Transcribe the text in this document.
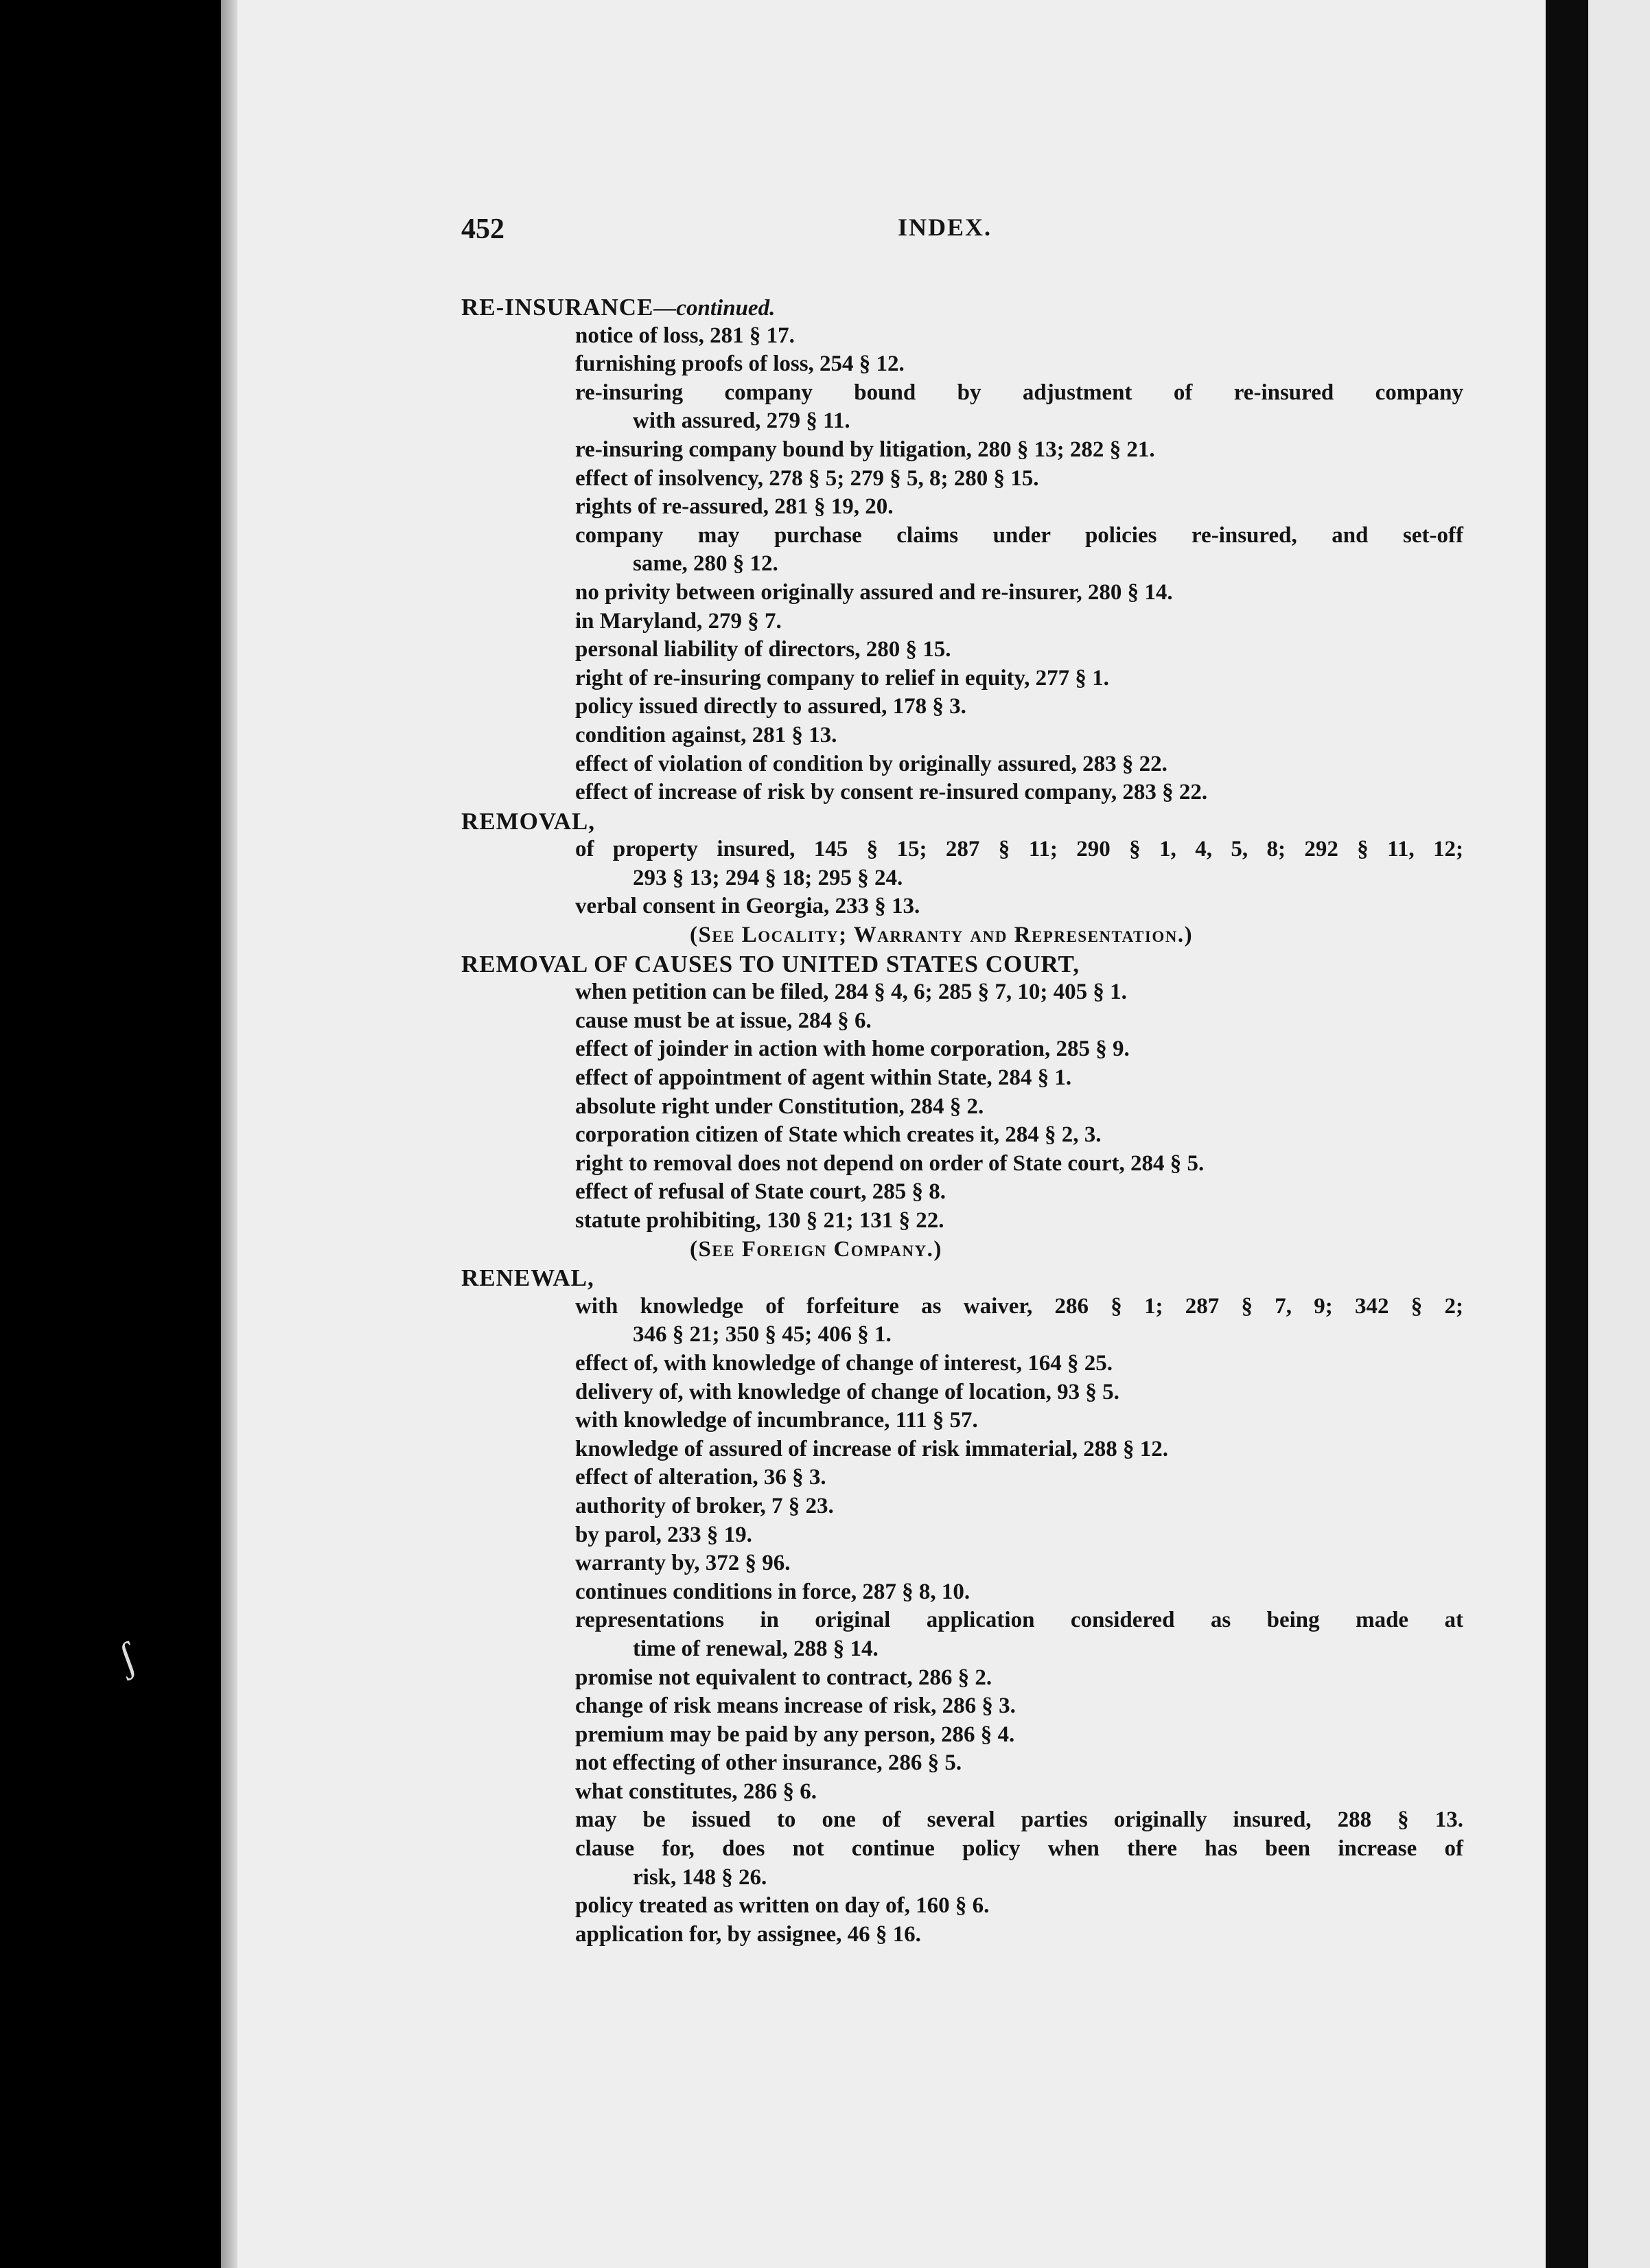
ʃ
452	INDEX.
RE-INSURANCE—continued.
notice of loss, 281 § 17.
furnishing proofs of loss, 254 § 12.
re-insuring company bound by adjustment of re-insured company
with assured, 279 § 11.
re-insuring company bound by litigation, 280 § 13; 282 § 21.
effect of insolvency, 278 § 5; 279 § 5, 8; 280 § 15.
rights of re-assured, 281 § 19, 20.
company may purchase claims under policies re-insured, and set-off
same, 280 § 12.
no privity between originally assured and re-insurer, 280 § 14.
in Maryland, 279 § 7.
personal liability of directors, 280 § 15.
right of re-insuring company to relief in equity, 277 § 1.
policy issued directly to assured, 178 § 3.
condition against, 281 § 13.
effect of violation of condition by originally assured, 283 § 22.
effect of increase of risk by consent re-insured company, 283 § 22.
REMOVAL,
of property insured, 145 § 15; 287 § 11; 290 § 1, 4, 5, 8; 292 § 11, 12;
293 § 13; 294 § 18; 295 § 24.
verbal consent in Georgia, 233 § 13.
(See Locality; Warranty and Representation.)
REMOVAL OF CAUSES TO UNITED STATES COURT,
when petition can be filed, 284 § 4, 6; 285 § 7, 10; 405 § 1.
cause must be at issue, 284 § 6.
effect of joinder in action with home corporation, 285 § 9.
effect of appointment of agent within State, 284 § 1.
absolute right under Constitution, 284 § 2.
corporation citizen of State which creates it, 284 § 2, 3.
right to removal does not depend on order of State court, 284 § 5.
effect of refusal of State court, 285 § 8.
statute prohibiting, 130 § 21; 131 § 22.
(See Foreign Company.)
RENEWAL,
with knowledge of forfeiture as waiver, 286 § 1; 287 § 7, 9; 342 § 2;
346 § 21; 350 § 45; 406 § 1.
effect of, with knowledge of change of interest, 164 § 25.
delivery of, with knowledge of change of location, 93 § 5.
with knowledge of incumbrance, 111 § 57.
knowledge of assured of increase of risk immaterial, 288 § 12.
effect of alteration, 36 § 3.
authority of broker, 7 § 23.
by parol, 233 § 19.
warranty by, 372 § 96.
continues conditions in force, 287 § 8, 10.
representations in original application considered as being made at
time of renewal, 288 § 14.
promise not equivalent to contract, 286 § 2.
change of risk means increase of risk, 286 § 3.
premium may be paid by any person, 286 § 4.
not effecting of other insurance, 286 § 5.
what constitutes, 286 § 6.
may be issued to one of several parties originally insured, 288 § 13.
clause for, does not continue policy when there has been increase of
risk, 148 § 26.
policy treated as written on day of, 160 § 6.
application for, by assignee, 46 § 16.
